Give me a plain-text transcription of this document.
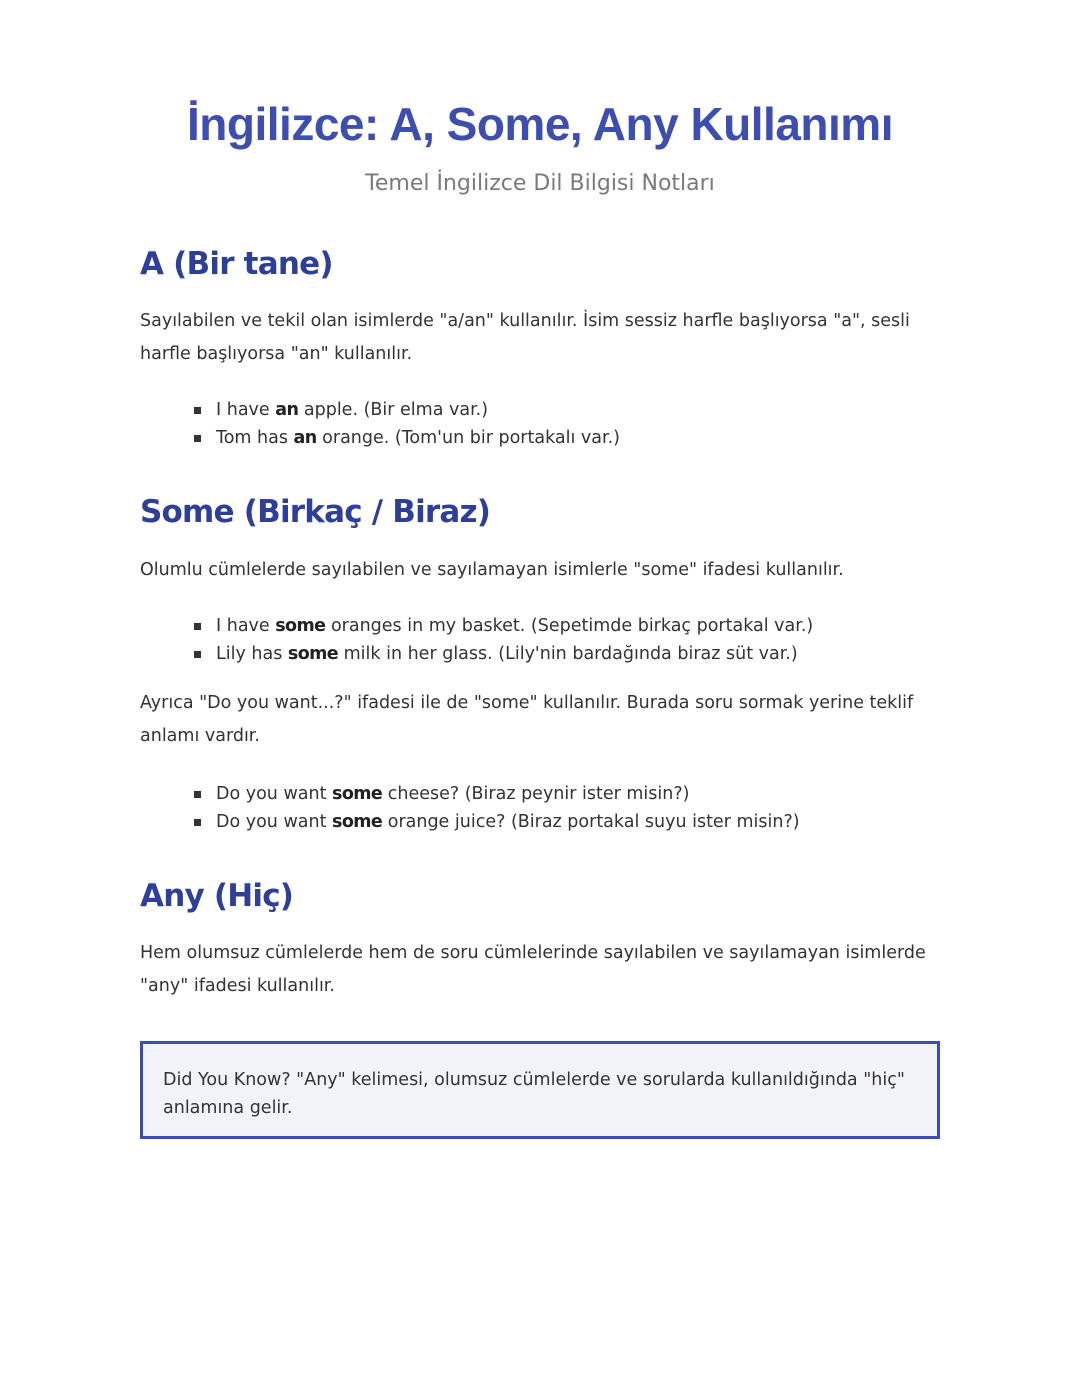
İngilizce: A, Some, Any Kullanımı

Temel İngilizce Dil Bilgisi Notları

A (Bir tane)

Sayılabilen ve tekil olan isimlerde "a/an" kullanılır. İsim sessiz harfle başlıyorsa "a", sesli harfle başlıyorsa "an" kullanılır.

I have an apple. (Bir elma var.)
Tom has an orange. (Tom'un bir portakalı var.)
Some (Birkaç / Biraz)

Olumlu cümlelerde sayılabilen ve sayılamayan isimlerle "some" ifadesi kullanılır.

I have some oranges in my basket. (Sepetimde birkaç portakal var.)
Lily has some milk in her glass. (Lily'nin bardağında biraz süt var.)

Ayrıca "Do you want...?" ifadesi ile de "some" kullanılır. Burada soru sormak yerine teklif anlamı vardır.

Do you want some cheese? (Biraz peynir ister misin?)
Do you want some orange juice? (Biraz portakal suyu ister misin?)
Any (Hiç)

Hem olumsuz cümlelerde hem de soru cümlelerinde sayılabilen ve sayılamayan isimlerde "any" ifadesi kullanılır.

Did You Know? "Any" kelimesi, olumsuz cümlelerde ve sorularda kullanıldığında "hiç" anlamına gelir.
